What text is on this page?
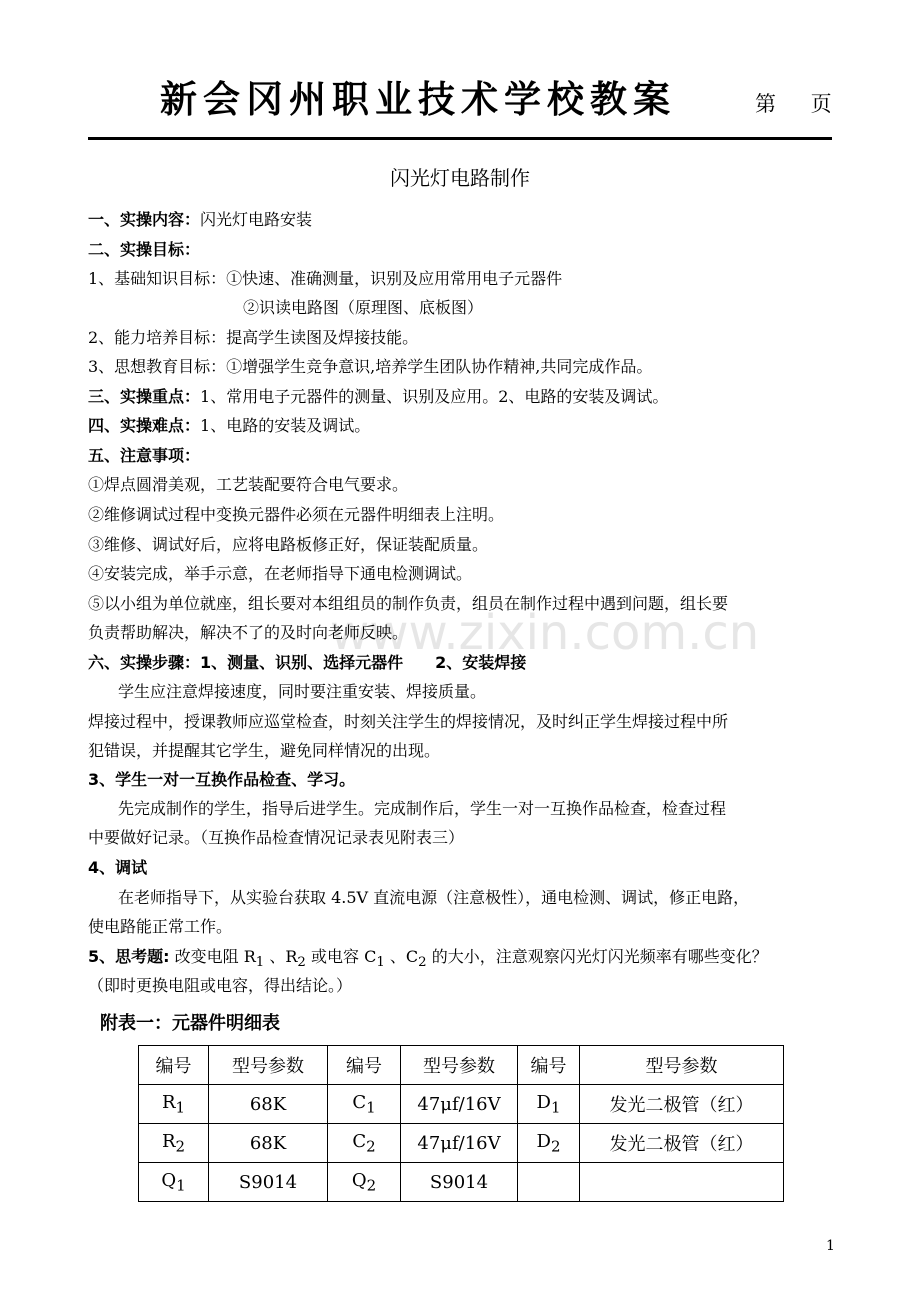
www.zixin.com.cn
新会冈州职业技术学校教案	第 页
闪光灯电路制作
一、实操内容：闪光灯电路安装
二、实操目标：
1、基础知识目标：①快速、准确测量，识别及应用常用电子元器件
②识读电路图（原理图、底板图）
2、能力培养目标：提高学生读图及焊接技能。
3、思想教育目标：①增强学生竞争意识,培养学生团队协作精神,共同完成作品。
三、实操重点：1、常用电子元器件的测量、识别及应用。2、电路的安装及调试。
四、实操难点：1、电路的安装及调试。
五、注意事项：
①焊点圆滑美观，工艺装配要符合电气要求。
②维修调试过程中变换元器件必须在元器件明细表上注明。
③维修、调试好后，应将电路板修正好，保证装配质量。
④安装完成，举手示意，在老师指导下通电检测调试。
⑤以小组为单位就座，组长要对本组组员的制作负责，组员在制作过程中遇到问题，组长要
负责帮助解决，解决不了的及时向老师反映。
六、实操步骤：1、测量、识别、选择元器件　　2、安装焊接
学生应注意焊接速度，同时要注重安装、焊接质量。
焊接过程中，授课教师应巡堂检查，时刻关注学生的焊接情况，及时纠正学生焊接过程中所
犯错误，并提醒其它学生，避免同样情况的出现。
3、学生一对一互换作品检查、学习。
先完成制作的学生，指导后进学生。完成制作后，学生一对一互换作品检查，检查过程
中要做好记录。（互换作品检查情况记录表见附表三）
4、调试
在老师指导下，从实验台获取 4.5V 直流电源（注意极性），通电检测、调试，修正电路，
使电路能正常工作。
5、思考题: 改变电阻 $R_1$ 、$R_2$ 或电容 $C_1$ 、$C_2$ 的大小，注意观察闪光灯闪光频率有哪些变化？
（即时更换电阻或电容，得出结论。）
附表一：元器件明细表
编号	型号参数	编号	型号参数	编号	型号参数
$R_1$	68K	$C_1$	47μf/16V	$D_1$	发光二极管（红）
$R_2$	68K	$C_2$	47μf/16V	$D_2$	发光二极管（红）
$Q_1$	S9014	$Q_2$	S9014		
1
